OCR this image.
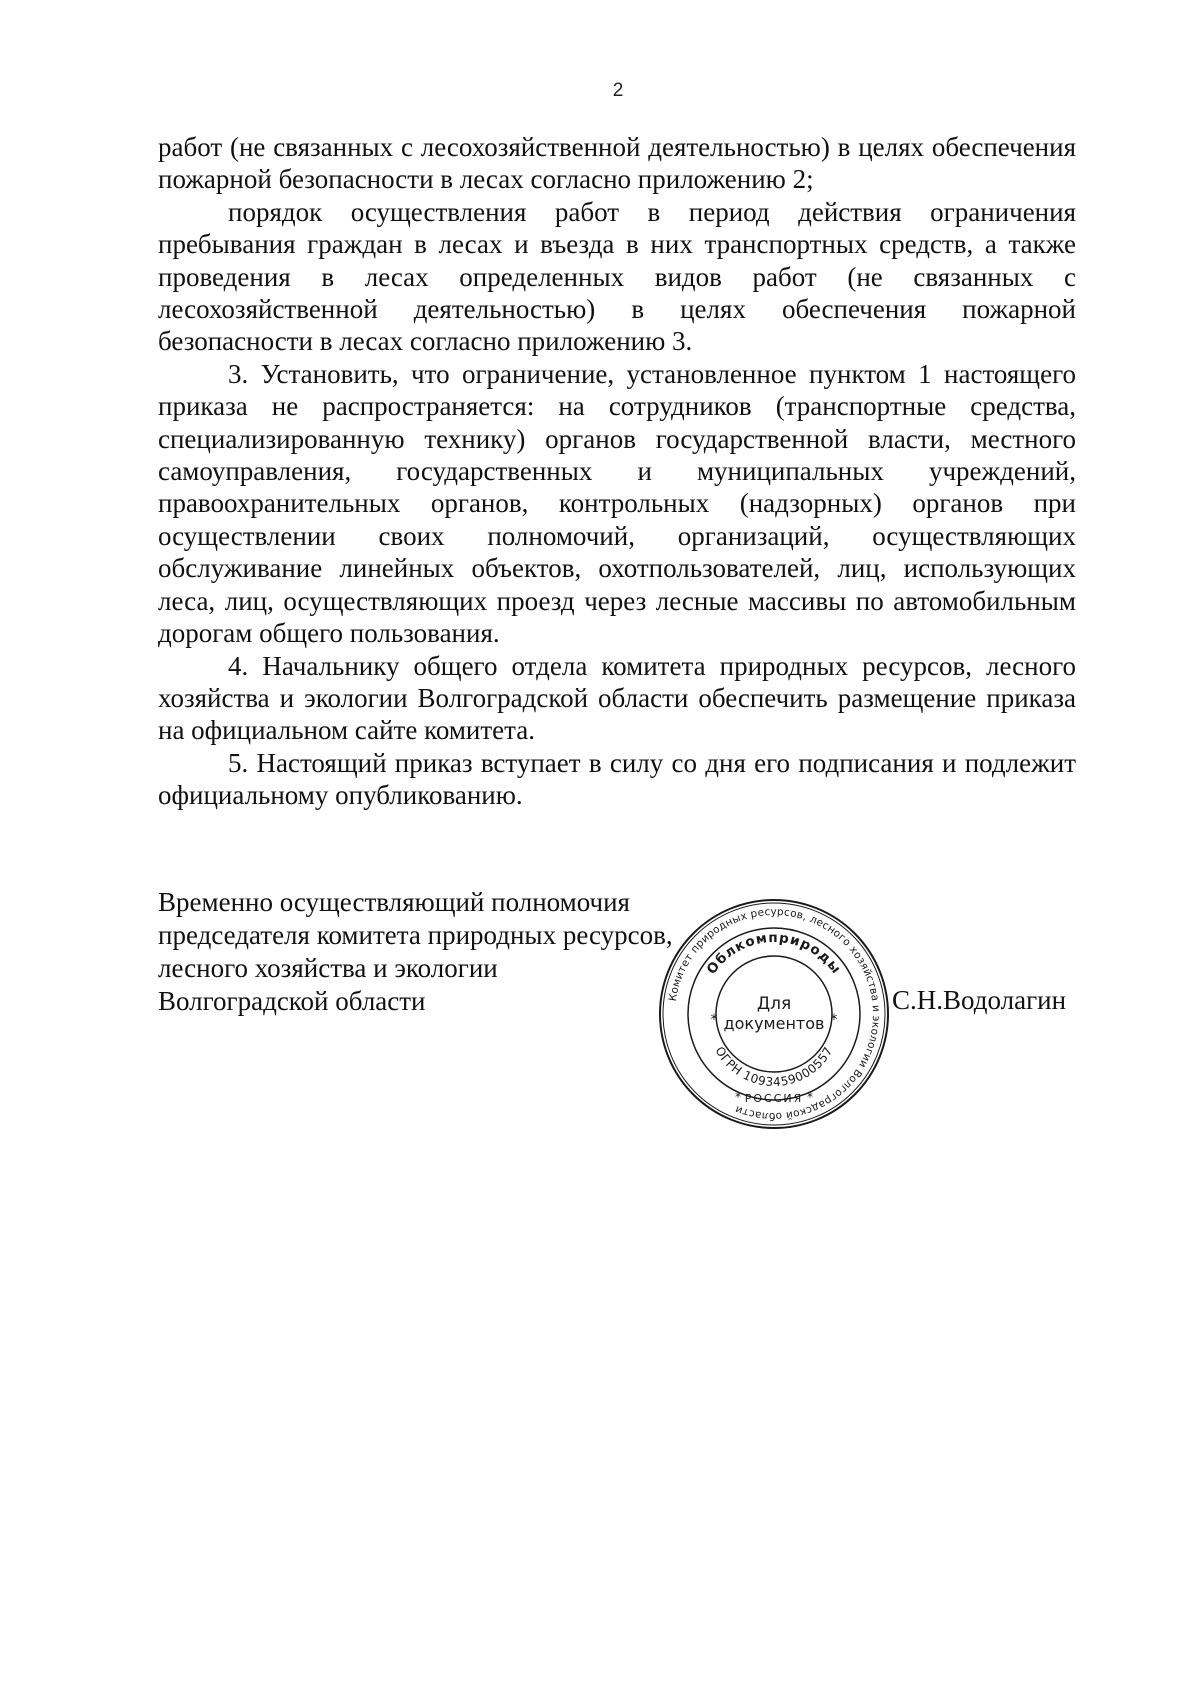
2

работ (не связанных с лесохозяйственной деятельностью) в целях обеспечения пожарной безопасности в лесах согласно приложению 2;

порядок осуществления работ в период действия ограничения пребывания граждан в лесах и въезда в них транспортных средств, а также проведения в лесах определенных видов работ (не связанных с лесохозяйственной деятельностью) в целях обеспечения пожарной безопасности в лесах согласно приложению 3.

3. Установить, что ограничение, установленное пунктом 1 настоящего приказа не распространяется: на сотрудников (транспортные средства, специализированную технику) органов государственной власти, местного самоуправления, государственных и муниципальных учреждений, правоохранительных органов, контрольных (надзорных) органов при осуществлении своих полномочий, организаций, осуществляющих обслуживание линейных объектов, охотпользователей, лиц, использующих леса, лиц, осуществляющих проезд через лесные массивы по автомобильным дорогам общего пользования.

4. Начальнику общего отдела комитета природных ресурсов, лесного хозяйства и экологии Волгоградской области обеспечить размещение приказа на официальном сайте комитета.

5. Настоящий приказ вступает в силу со дня его подписания и подлежит официальному опубликованию.

Временно осуществляющий полномочия
председателя комитета природных ресурсов,
лесного хозяйства и экологии
Волгоградской области	С.Н.Водолагин
Комитет природных ресурсов, лесного хозяйства и экологии Волгоградской области
Облкомприроды
ОГРН 1093459000557
Для
документов
РОССИЯ
*	*
*	*
